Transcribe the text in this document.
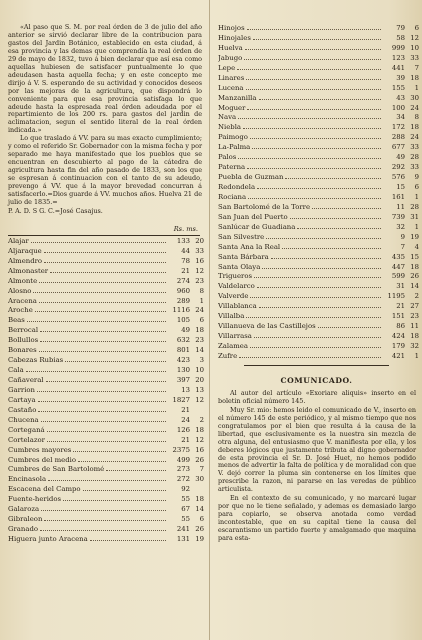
«Al paso que S. M. por real órden de 3 de julio del año anterior se sirvió declarar libre de la contribucion para gastos del Jardin Botánico, establecido en esta ciudad, á esa provincia y las demas que comprendía la real órden de 29 de mayo de 1832, tuvo á bien declarar que así esa como aquellas hubiesen de satisfacer puntualmente lo que adeudasen hasta aquella fecha; y en este concepto me dirijo á V. S. esperando de su actividad y conocidos deseos por las mejoras de la agricultura, que dispondrá lo conveniente para que esa provincia satisfaga lo que adeude hasta la espresada real órden adeudada por el repartimiento de los 200 rs. para gastos del jardin de aclimatacion, segun el sentido literal de la real órden indicada.»

Lo que traslado á VV. para su mas exacto cumplimiento; y como el referido Sr. Gobernador con la misma fecha y por separado me haya manifestado que los pueblos que se encuentran en descubierto al pago de la cátedra de agricultura hasta fin del año pasado de 1833, son los que se espresan á continuacion con el tanto de su adeudo, prevengo á VV. que á la mayor brevedad concurran á satisfacerlo.=Dios guarde á VV. muchos años. Huelva 21 de julio de 1835.=

P. A. D. S G. C.=José Casajus.
Rs. ms.
Alajar	133 20
Aljaraque	44 33
Almendro	78 16
Almonaster	21 12
Almonte	274 23
Alosno	960	8
Aracena	289	1
Aroche	1116 24
Beas	105	6
Berrocal	49 18
Bollullos	632 23
Bonares	801 14
Cabezas Rubias	423	3
Cala	130 10
Cañaveral	397 20
Garrion	13 13
Cartaya	1827 12
Castaño	21
Chucena	24	2
Corteganá	126 18
Cortelazor	21 12
Cumbres mayores	2375 16
Cumbres del medio	499 26
Cumbres de San Bartolomé	273	7
Encinasola	272 30
Escacena del Campo	92
Fuente-heridos	55 18
Galaroza	67 14
Gibraleon	55	6
Granado	241 26
Higuera junto Aracena	131 19
Hinojos	79	6
Hinojales	58 12
Huelva	999 10
Jabugo	123 33
Lepe	441	7
Linares	39 18
Lucena	155	1
Manzanilla	43 30
Moguer	100 24
Nava	34	8
Niebla	172 18
Paimogo	288 24
La-Palma	677 33
Palos	49 28
Paterna	292 33
Puebla de Guzman	576	9
Redondela	15	6
Rociana	161	1
San Bartolomé de la Torre	11 28
San Juan del Puerto	739 31
Sanlúcar de Guadiana	32	1
San Silvestre	9 19
Santa Ana la Real	7	4
Santa Bárbara	435 15
Santa Olaya	447 18
Trigueros	599 26
Valdelarco	31 14
Valverde	1195	2
Villablanca	21 27
Villalba	151 23
Villanueva de las Castillejos	86 11
Villarrasa	424 18
Zalamea	179 32
Zufre	421	1
COMUNICADO.

Al autor del artículo «Exoriare aliquis» inserto en el boletin oficial número 145.

Muy Sr. mio: hemos leido el comunicado de V., inserto en el número 145 de este periódico, y al mismo tiempo que nos congratulamos por el bien que resulta á la causa de la libertad, que esclusivamente es la nuestra sin mezcla de otra alguna, del entusiasmo que V. manifiesta por ella, y los deberes lógicos que justamente tributa al digno gobernador de esta provincia el Sr. D. José Huet, no hemos podido menos de advertir la falta de política y de moralidad con que V. dejó correr la pluma sin contenerse en los límites que prescribe la razon, ni pararse en las veredas de público articulista.

En el contexto de su comunicado, y no marcaré lugar por que no le tiene señalado, y ademas es demasiado largo para copiarlo, se observa anotada como verdad incontestable, que en su capital tiene la causa del escarantismo un partido fuerte y amalgamado que maquina para esta-
